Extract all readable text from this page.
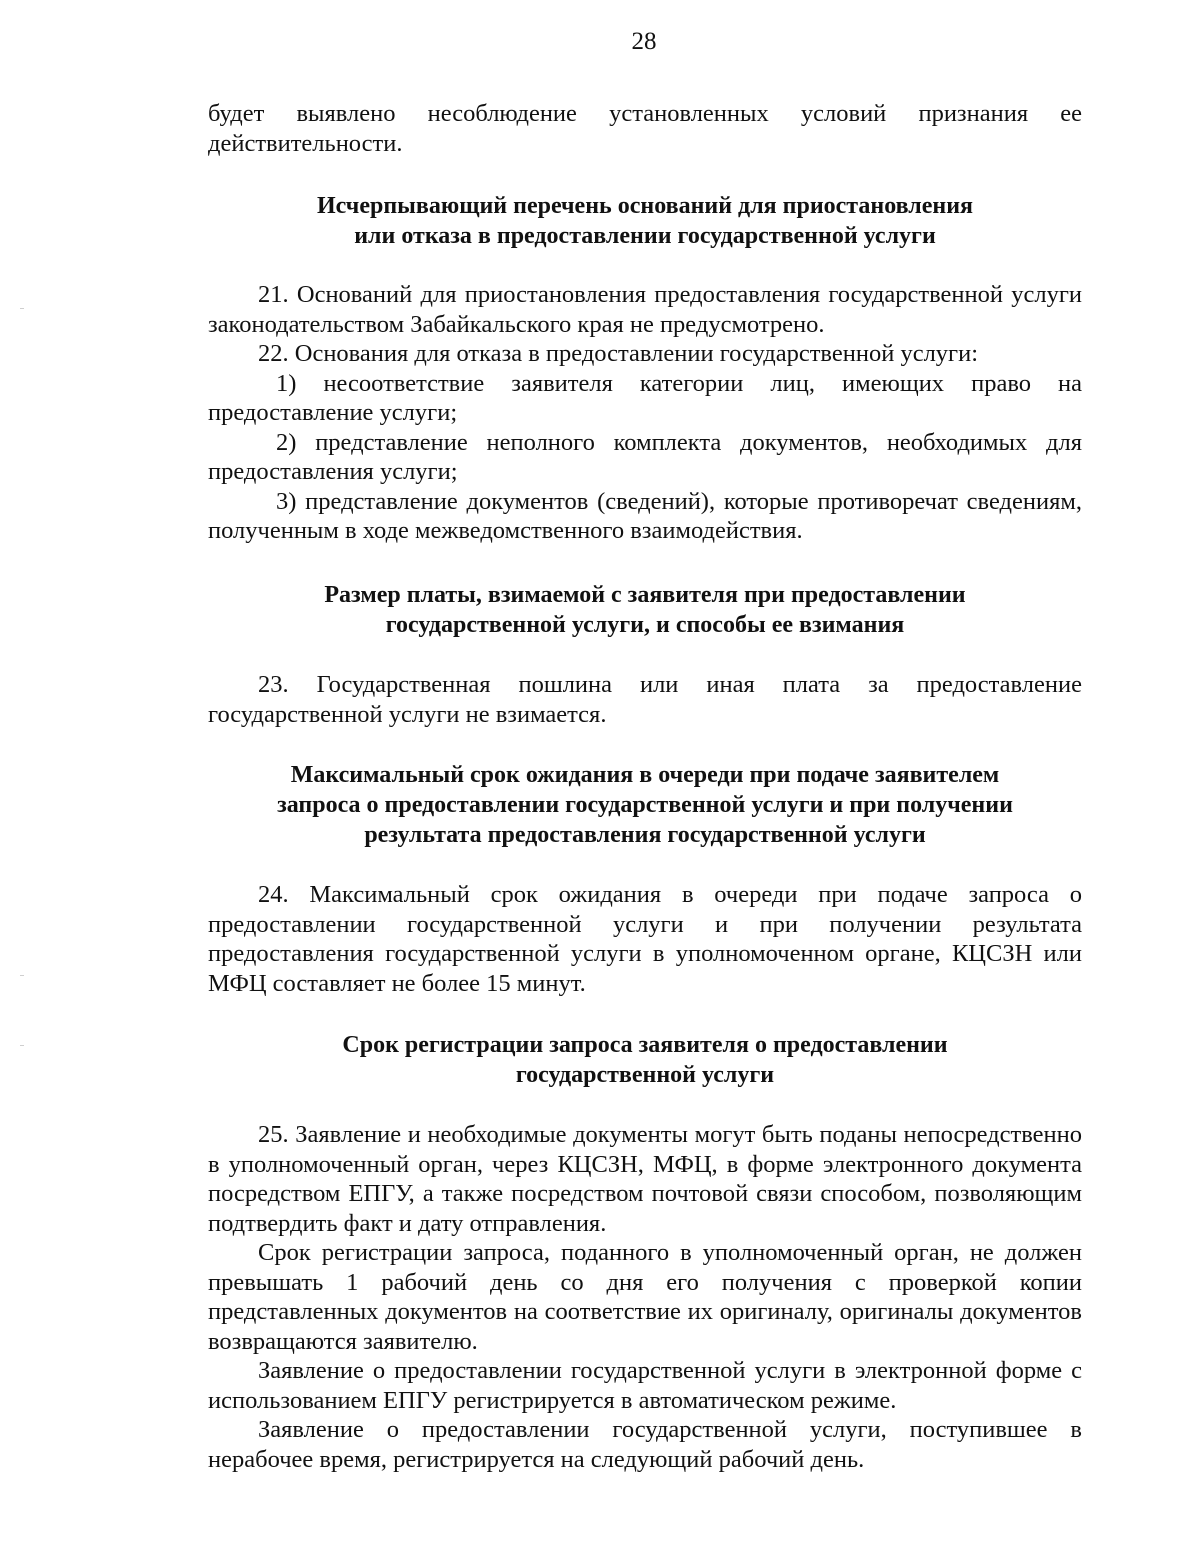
28

будет выявлено несоблюдение установленных условий признания ее действительности.

Исчерпывающий перечень оснований для приостановления
или отказа в предоставлении государственной услуги

21. Оснований для приостановления предоставления государственной услуги законодательством Забайкальского края не предусмотрено.

22. Основания для отказа в предоставлении государственной услуги:

1) несоответствие заявителя категории лиц, имеющих право на предоставление услуги;

2) представление неполного комплекта документов, необходимых для предоставления услуги;

3) представление документов (сведений), которые противоречат сведениям, полученным в ходе межведомственного взаимодействия.

Размер платы, взимаемой с заявителя при предоставлении
государственной услуги, и способы ее взимания

23. Государственная пошлина или иная плата за предоставление государственной услуги не взимается.

Максимальный срок ожидания в очереди при подаче заявителем
запроса о предоставлении государственной услуги и при получении
результата предоставления государственной услуги

24. Максимальный срок ожидания в очереди при подаче запроса о предоставлении государственной услуги и при получении результата предоставления государственной услуги в уполномоченном органе, КЦСЗН или МФЦ составляет не более 15 минут.

Срок регистрации запроса заявителя о предоставлении
государственной услуги

25. Заявление и необходимые документы могут быть поданы непосредственно в уполномоченный орган, через КЦСЗН, МФЦ, в форме электронного документа посредством ЕПГУ, а также посредством почтовой связи способом, позволяющим подтвердить факт и дату отправления.

Срок регистрации запроса, поданного в уполномоченный орган, не должен превышать 1 рабочий день со дня его получения с проверкой копии представленных документов на соответствие их оригиналу, оригиналы документов возвращаются заявителю.

Заявление о предоставлении государственной услуги в электронной форме с использованием ЕПГУ регистрируется в автоматическом режиме.

Заявление о предоставлении государственной услуги, поступившее в нерабочее время, регистрируется на следующий рабочий день.
